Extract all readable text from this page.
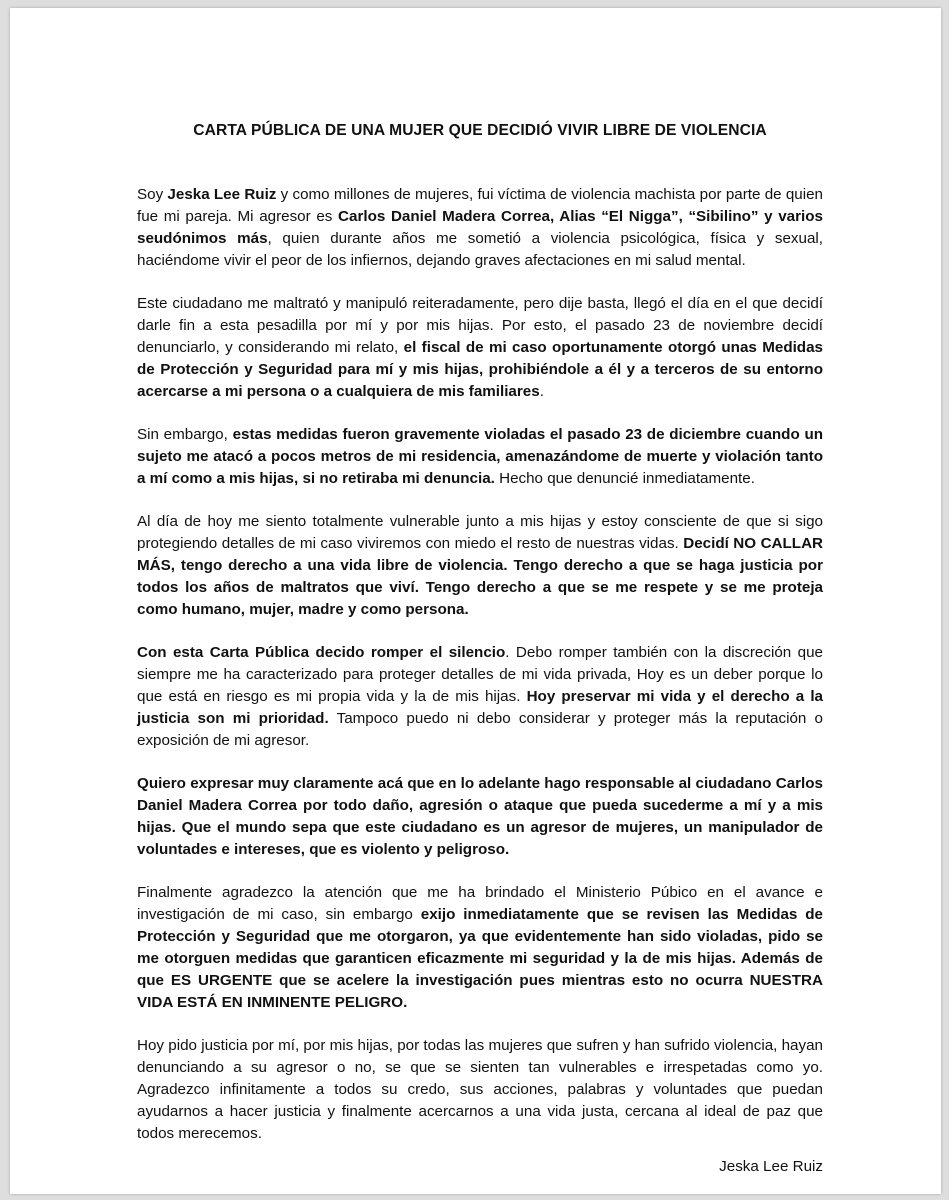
CARTA PÚBLICA DE UNA MUJER QUE DECIDIÓ VIVIR LIBRE DE VIOLENCIA

Soy Jeska Lee Ruiz y como millones de mujeres, fui víctima de violencia machista por parte de quien fue mi pareja. Mi agresor es Carlos Daniel Madera Correa, Alias “El Nigga”, “Sibilino” y varios seudónimos más, quien durante años me sometió a violencia psicológica, física y sexual, haciéndome vivir el peor de los infiernos, dejando graves afectaciones en mi salud mental.

Este ciudadano me maltrató y manipuló reiteradamente, pero dije basta, llegó el día en el que decidí darle fin a esta pesadilla por mí y por mis hijas. Por esto, el pasado 23 de noviembre decidí denunciarlo, y considerando mi relato, el fiscal de mi caso oportunamente otorgó unas Medidas de Protección y Seguridad para mí y mis hijas, prohibiéndole a él y a terceros de su entorno acercarse a mi persona o a cualquiera de mis familiares.

Sin embargo, estas medidas fueron gravemente violadas el pasado 23 de diciembre cuando un sujeto me atacó a pocos metros de mi residencia, amenazándome de muerte y violación tanto a mí como a mis hijas, si no retiraba mi denuncia. Hecho que denuncié inmediatamente.

Al día de hoy me siento totalmente vulnerable junto a mis hijas y estoy consciente de que si sigo protegiendo detalles de mi caso viviremos con miedo el resto de nuestras vidas. Decidí NO CALLAR MÁS, tengo derecho a una vida libre de violencia. Tengo derecho a que se haga justicia por todos los años de maltratos que viví. Tengo derecho a que se me respete y se me proteja como humano, mujer, madre y como persona.

Con esta Carta Pública decido romper el silencio. Debo romper también con la discreción que siempre me ha caracterizado para proteger detalles de mi vida privada, Hoy es un deber porque lo que está en riesgo es mi propia vida y la de mis hijas. Hoy preservar mi vida y el derecho a la justicia son mi prioridad. Tampoco puedo ni debo considerar y proteger más la reputación o exposición de mi agresor.

Quiero expresar muy claramente acá que en lo adelante hago responsable al ciudadano Carlos Daniel Madera Correa por todo daño, agresión o ataque que pueda sucederme a mí y a mis hijas. Que el mundo sepa que este ciudadano es un agresor de mujeres, un manipulador de voluntades e intereses, que es violento y peligroso.

Finalmente agradezco la atención que me ha brindado el Ministerio Púbico en el avance e investigación de mi caso, sin embargo exijo inmediatamente que se revisen las Medidas de Protección y Seguridad que me otorgaron, ya que evidentemente han sido violadas, pido se me otorguen medidas que garanticen eficazmente mi seguridad y la de mis hijas. Además de que ES URGENTE que se acelere la investigación pues mientras esto no ocurra NUESTRA VIDA ESTÁ EN INMINENTE PELIGRO.

Hoy pido justicia por mí, por mis hijas, por todas las mujeres que sufren y han sufrido violencia, hayan denunciando a su agresor o no, se que se sienten tan vulnerables e irrespetadas como yo. Agradezco infinitamente a todos su credo, sus acciones, palabras y voluntades que puedan ayudarnos a hacer justicia y finalmente acercarnos a una vida justa, cercana al ideal de paz que todos merecemos.

Jeska Lee Ruiz
